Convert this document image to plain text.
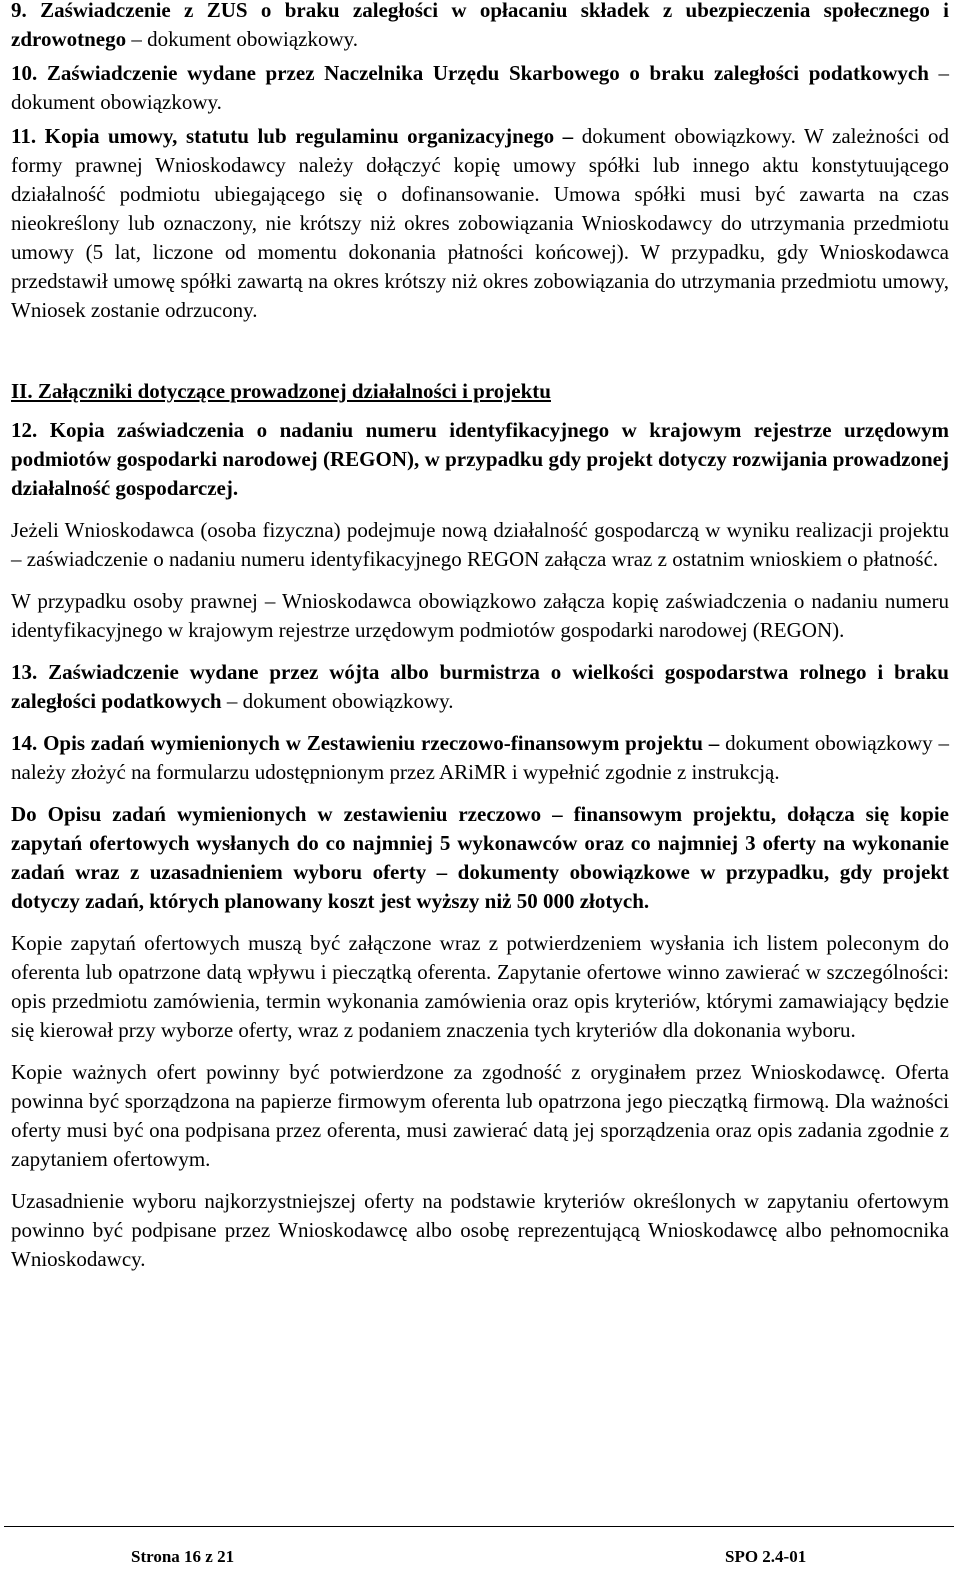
9. Zaświadczenie z ZUS o braku zaległości w opłacaniu składek z ubezpieczenia społecznego i zdrowotnego – dokument obowiązkowy.

10. Zaświadczenie wydane przez Naczelnika Urzędu Skarbowego o braku zaległości podatkowych – dokument obowiązkowy.

11. Kopia umowy, statutu lub regulaminu organizacyjnego – dokument obowiązkowy. W zależności od formy prawnej Wnioskodawcy należy dołączyć kopię umowy spółki lub innego aktu konstytuującego działalność podmiotu ubiegającego się o dofinansowanie. Umowa spółki musi być zawarta na czas nieokreślony lub oznaczony, nie krótszy niż okres zobowiązania Wnioskodawcy do utrzymania przedmiotu umowy (5 lat, liczone od momentu dokonania płatności końcowej). W przypadku, gdy Wnioskodawca przedstawił umowę spółki zawartą na okres krótszy niż okres zobowiązania do utrzymania przedmiotu umowy, Wniosek zostanie odrzucony.

II. Załączniki dotyczące prowadzonej działalności i projektu

12. Kopia zaświadczenia o nadaniu numeru identyfikacyjnego w krajowym rejestrze urzędowym podmiotów gospodarki narodowej (REGON), w przypadku gdy projekt dotyczy rozwijania prowadzonej działalność gospodarczej.

Jeżeli Wnioskodawca (osoba fizyczna) podejmuje nową działalność gospodarczą w wyniku realizacji projektu – zaświadczenie o nadaniu numeru identyfikacyjnego REGON załącza wraz z ostatnim wnioskiem o płatność.

W przypadku osoby prawnej – Wnioskodawca obowiązkowo załącza kopię zaświadczenia o nadaniu numeru identyfikacyjnego w krajowym rejestrze urzędowym podmiotów gospodarki narodowej (REGON).

13. Zaświadczenie wydane przez wójta albo burmistrza o wielkości gospodarstwa rolnego i braku zaległości podatkowych – dokument obowiązkowy.

14. Opis zadań wymienionych w Zestawieniu rzeczowo-finansowym projektu – dokument obowiązkowy – należy złożyć na formularzu udostępnionym przez ARiMR i wypełnić zgodnie z instrukcją.

Do Opisu zadań wymienionych w zestawieniu rzeczowo – finansowym projektu, dołącza się kopie zapytań ofertowych wysłanych do co najmniej 5 wykonawców oraz co najmniej 3 oferty na wykonanie zadań wraz z uzasadnieniem wyboru oferty – dokumenty obowiązkowe w przypadku, gdy projekt dotyczy zadań, których planowany koszt jest wyższy niż 50 000 złotych.

Kopie zapytań ofertowych muszą być załączone wraz z potwierdzeniem wysłania ich listem poleconym do oferenta lub opatrzone datą wpływu i pieczątką oferenta. Zapytanie ofertowe winno zawierać w szczególności: opis przedmiotu zamówienia, termin wykonania zamówienia oraz opis kryteriów, którymi zamawiający będzie się kierował przy wyborze oferty, wraz z podaniem znaczenia tych kryteriów dla dokonania wyboru.

Kopie ważnych ofert powinny być potwierdzone za zgodność z oryginałem przez Wnioskodawcę. Oferta powinna być sporządzona na papierze firmowym oferenta lub opatrzona jego pieczątką firmową. Dla ważności oferty musi być ona podpisana przez oferenta, musi zawierać datą jej sporządzenia oraz opis zadania zgodnie z zapytaniem ofertowym.

Uzasadnienie wyboru najkorzystniejszej oferty na podstawie kryteriów określonych w zapytaniu ofertowym powinno być podpisane przez Wnioskodawcę albo osobę reprezentującą Wnioskodawcę albo pełnomocnika Wnioskodawcy.

Strona 16 z 21	SPO 2.4-01
